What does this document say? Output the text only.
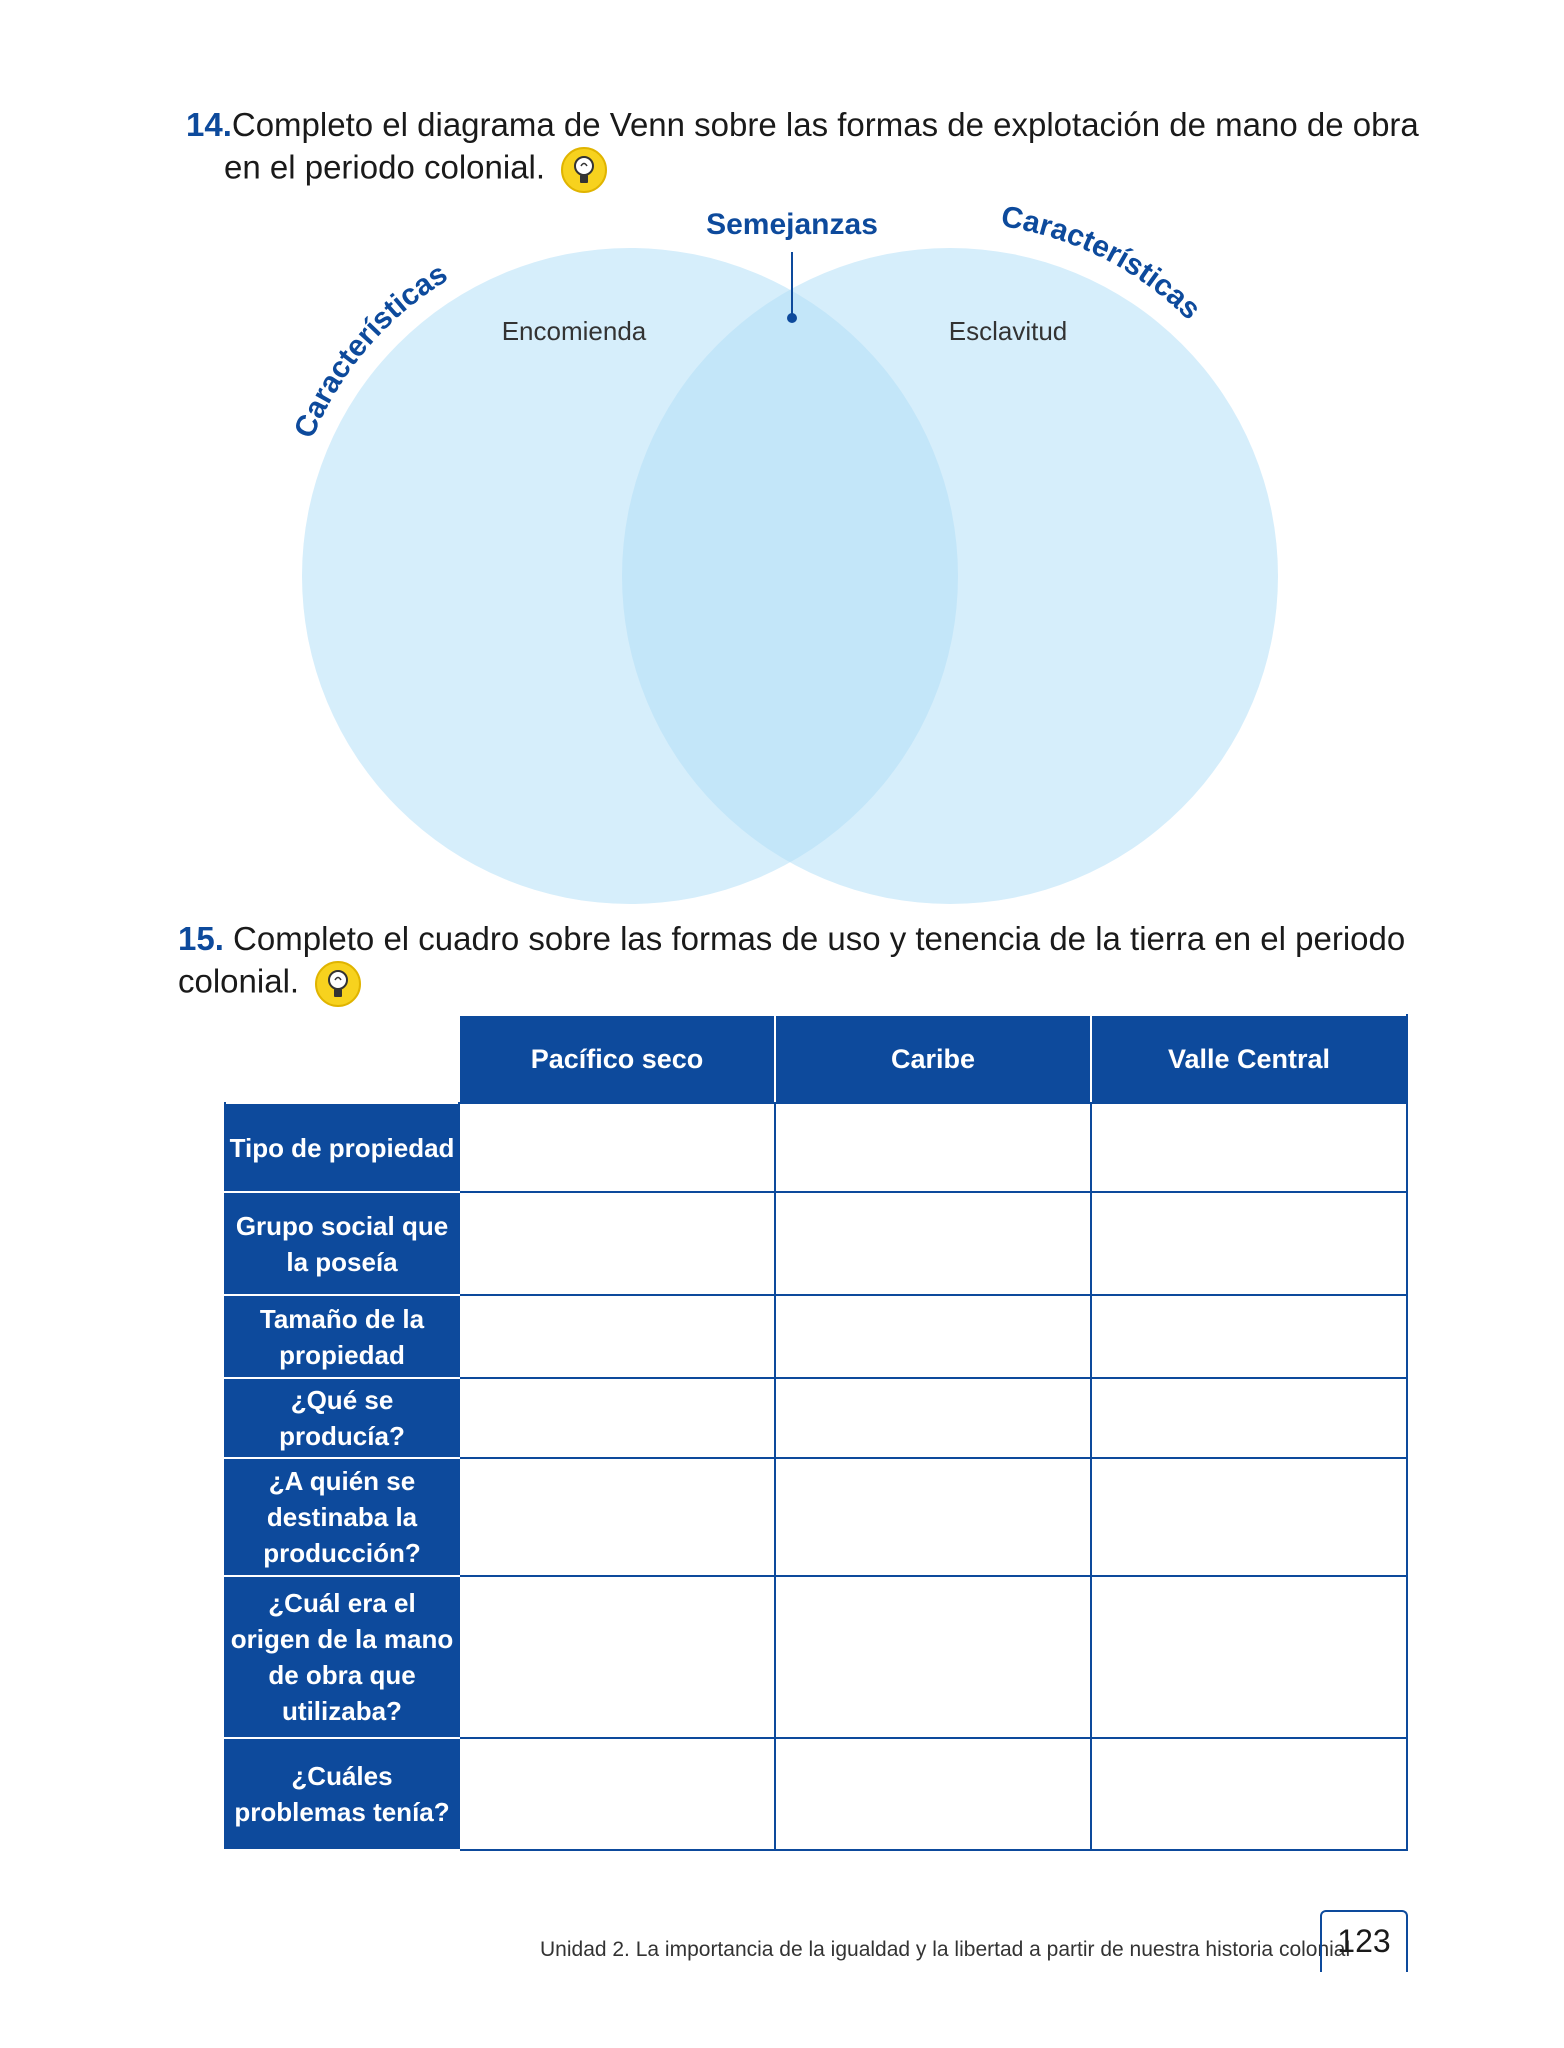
14.Completo el diagrama de Venn sobre las formas de explotación de mano de obra en el periodo colonial.
Características
Características
Semejanzas
Encomienda	Esclavitud
15. Completo el cuadro sobre las formas de uso y tenencia de la tierra en el periodo colonial.
	Pacífico seco	Caribe	Valle Central
Tipo de propiedad			
Grupo social que la poseía			
Tamaño de la propiedad			
¿Qué se producía?			
¿A quién se destinaba la producción?			
¿Cuál era el origen de la mano de obra que utilizaba?			
¿Cuáles problemas tenía?			
Unidad 2. La importancia de la igualdad y la libertad a partir de nuestra historia colonial
123
